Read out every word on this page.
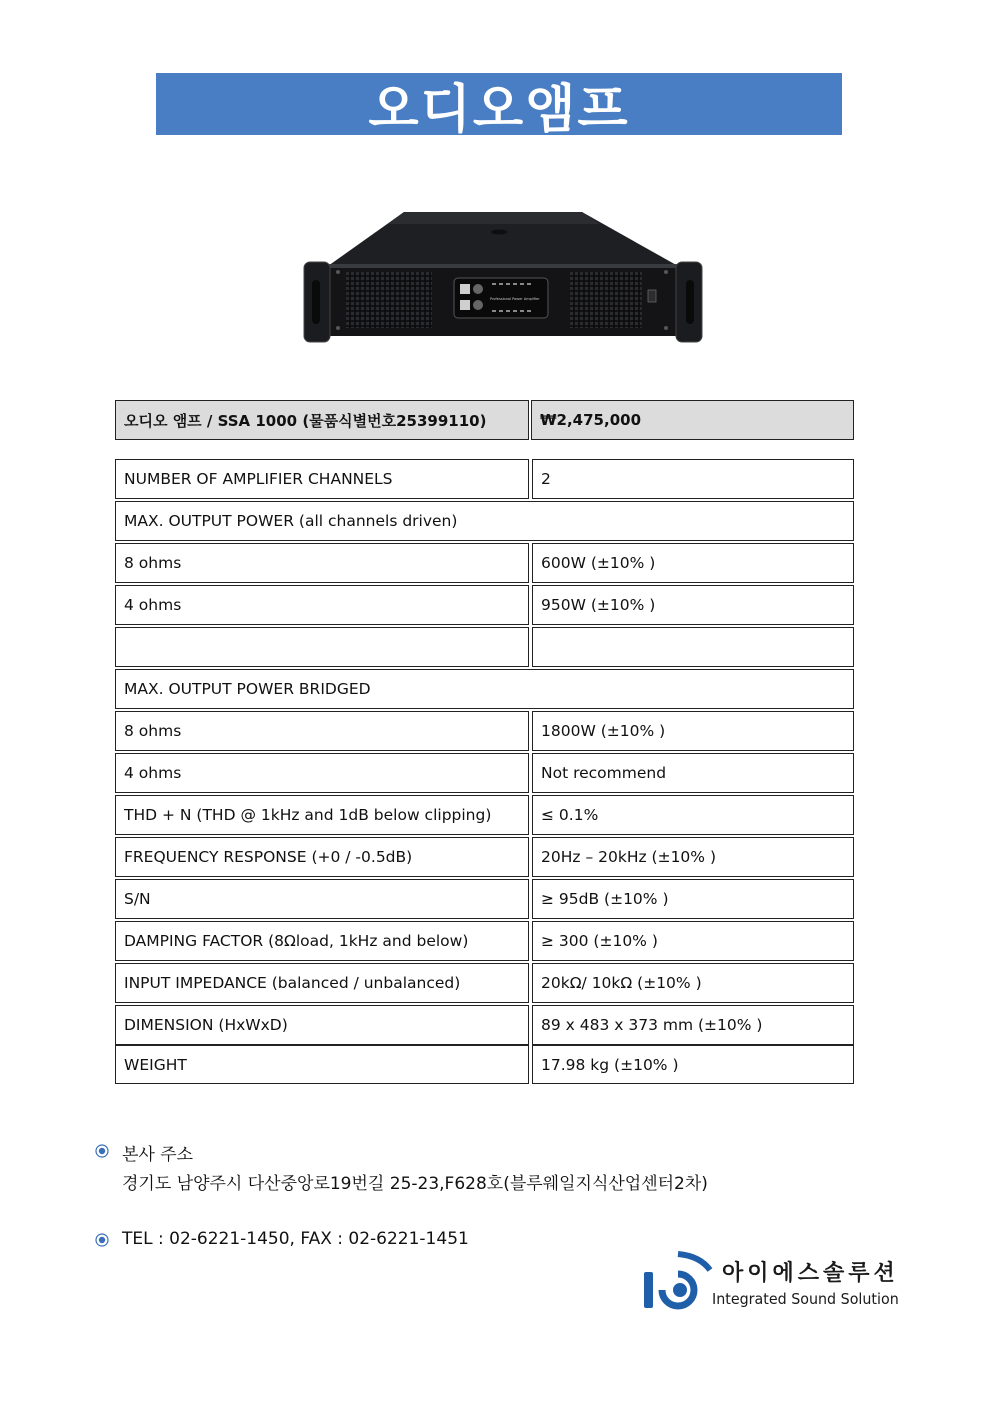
오디오앰프
Professional Power Amplifier
오디오 앰프 / SSA 1000 (물품식별번호25399110)	₩2,475,000
NUMBER OF AMPLIFIER CHANNELS	2
MAX. OUTPUT POWER (all channels driven)
8 ohms	600W (±10% )
4 ohms	950W (±10% )
MAX. OUTPUT POWER BRIDGED
8 ohms	1800W (±10% )
4 ohms	Not recommend
THD + N (THD @ 1kHz and 1dB below clipping)	≤ 0.1%
FREQUENCY RESPONSE (+0 / -0.5dB)	20Hz – 20kHz (±10% )
S/N	≥ 95dB (±10% )
DAMPING FACTOR (8Ωload, 1kHz and below)	≥ 300 (±10% )
INPUT IMPEDANCE (balanced / unbalanced)	20kΩ/ 10kΩ (±10% )
DIMENSION (HxWxD)	89 x 483 x 373 mm (±10% )
WEIGHT	17.98 kg (±10% )
본사 주소
경기도 남양주시 다산중앙로19번길 25-23,F628호(블루웨일지식산업센터2차)
TEL : 02-6221-1450, FAX : 02-6221-1451
아이에스솔루션
Integrated Sound Solution
